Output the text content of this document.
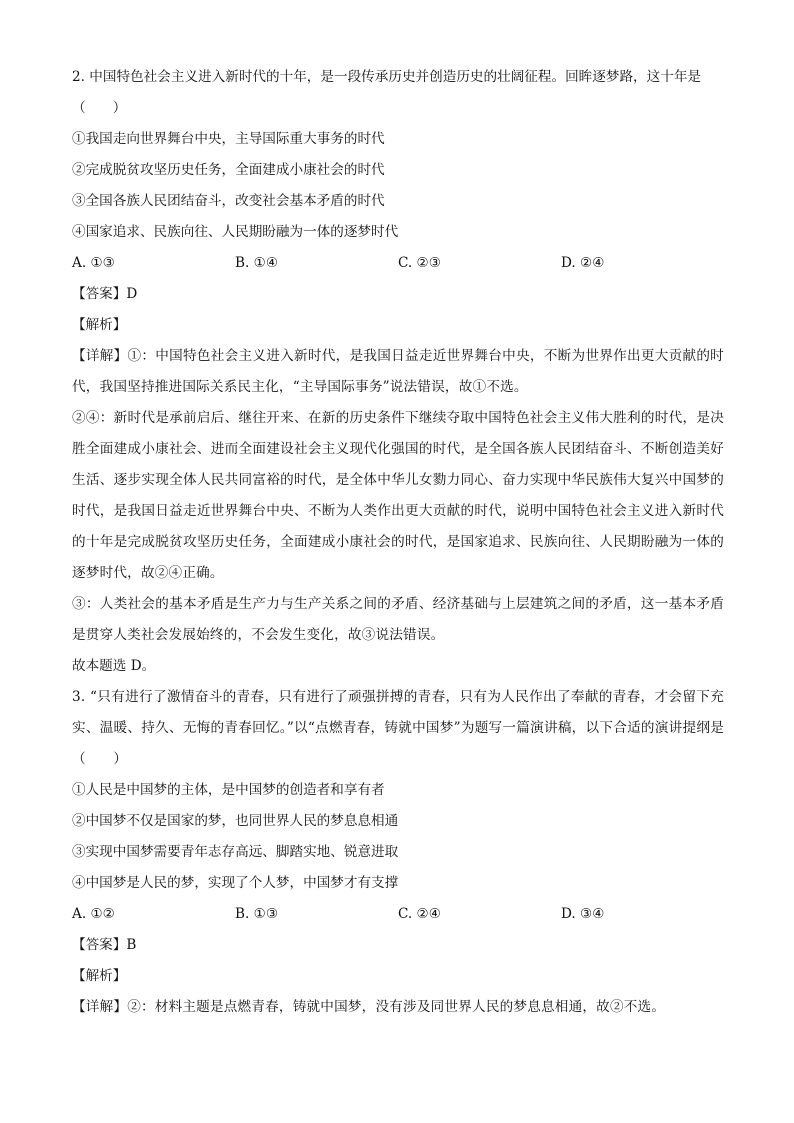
2. 中国特色社会主义进入新时代的十年，是一段传承历史并创造历史的壮阔征程。回眸逐梦路，这十年是
（　　）
①我国走向世界舞台中央，主导国际重大事务的时代
②完成脱贫攻坚历史任务，全面建成小康社会的时代
③全国各族人民团结奋斗，改变社会基本矛盾的时代
④国家追求、民族向往、人民期盼融为一体的逐梦时代
A. ①③	B. ①④	C. ②③	D. ②④
【答案】D
【解析】
【详解】①：中国特色社会主义进入新时代，是我国日益走近世界舞台中央，不断为世界作出更大贡献的时代，我国坚持推进国际关系民主化，“主导国际事务”说法错误，故①不选。
②④：新时代是承前启后、继往开来、在新的历史条件下继续夺取中国特色社会主义伟大胜利的时代，是决胜全面建成小康社会、进而全面建设社会主义现代化强国的时代，是全国各族人民团结奋斗、不断创造美好生活、逐步实现全体人民共同富裕的时代，是全体中华儿女勠力同心、奋力实现中华民族伟大复兴中国梦的时代，是我国日益走近世界舞台中央、不断为人类作出更大贡献的时代，说明中国特色社会主义进入新时代的十年是完成脱贫攻坚历史任务，全面建成小康社会的时代，是国家追求、民族向往、人民期盼融为一体的逐梦时代，故②④正确。
③：人类社会的基本矛盾是生产力与生产关系之间的矛盾、经济基础与上层建筑之间的矛盾，这一基本矛盾是贯穿人类社会发展始终的，不会发生变化，故③说法错误。
故本题选 D。
3. “只有进行了激情奋斗的青春，只有进行了顽强拼搏的青春，只有为人民作出了奉献的青春，才会留下充实、温暖、持久、无悔的青春回忆。”以“点燃青春，铸就中国梦”为题写一篇演讲稿，以下合适的演讲提纲是（　　）
①人民是中国梦的主体，是中国梦的创造者和享有者
②中国梦不仅是国家的梦，也同世界人民的梦息息相通
③实现中国梦需要青年志存高远、脚踏实地、锐意进取
④中国梦是人民的梦，实现了个人梦，中国梦才有支撑
A. ①②	B. ①③	C. ②④	D. ③④
【答案】B
【解析】
【详解】②：材料主题是点燃青春，铸就中国梦，没有涉及同世界人民的梦息息相通，故②不选。
